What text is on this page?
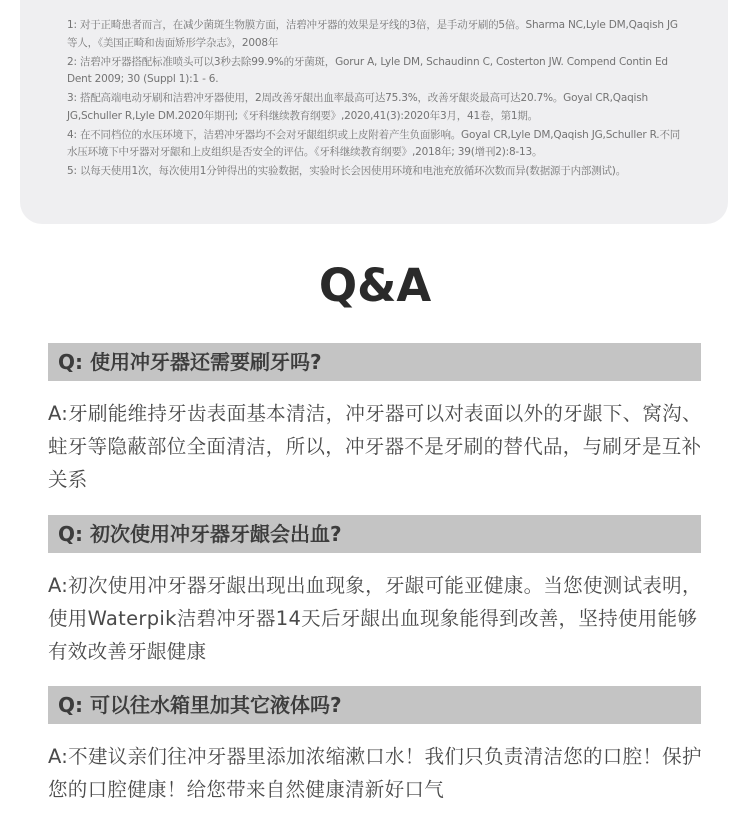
1: 对于正畸患者而言，在减少菌斑生物膜方面，洁碧冲牙器的效果是牙线的3倍，是手动牙刷的5倍。Sharma NC,Lyle DM,Qaqish JG等人，《美国正畸和齿面矫形学杂志》，2008年

2: 洁碧冲牙器搭配标准喷头可以3秒去除99.9%的牙菌斑，Gorur A, Lyle DM, Schaudinn C, Costerton JW. Compend Contin Ed Dent 2009; 30 (Suppl 1):1 - 6.

3: 搭配高端电动牙刷和洁碧冲牙器使用，2周改善牙龈出血率最高可达75.3%，改善牙龈炎最高可达20.7%。Goyal CR,Qaqish JG,Schuller R,Lyle DM.2020年期刊;《牙科继续教育纲要》,2020,41(3):2020年3月，41卷，第1期。

4: 在不同档位的水压环境下，洁碧冲牙器均不会对牙龈组织或上皮附着产生负面影响。Goyal CR,Lyle DM,Qaqish JG,Schuller R.不同水压环境下中牙器对牙龈和上皮组织是否安全的评估。《牙科继续教育纲要》,2018年; 39(增刊2):8-13。

5: 以每天使用1次，每次使用1分钟得出的实验数据，实验时长会因使用环境和电池充放循环次数而异(数据源于内部测试)。

Q&A
Q: 使用冲牙器还需要刷牙吗?

A:牙刷能维持牙齿表面基本清洁，冲牙器可以对表面以外的牙龈下、窝沟、蛀牙等隐蔽部位全面清洁，所以，冲牙器不是牙刷的替代品，与刷牙是互补关系

Q: 初次使用冲牙器牙龈会出血?

A:初次使用冲牙器牙龈出现出血现象，牙龈可能亚健康。当您使测试表明，使用Waterpik洁碧冲牙器14天后牙龈出血现象能得到改善，坚持使用能够有效改善牙龈健康

Q: 可以往水箱里加其它液体吗?

A:不建议亲们往冲牙器里添加浓缩漱口水！我们只负责清洁您的口腔！保护您的口腔健康！给您带来自然健康清新好口气
